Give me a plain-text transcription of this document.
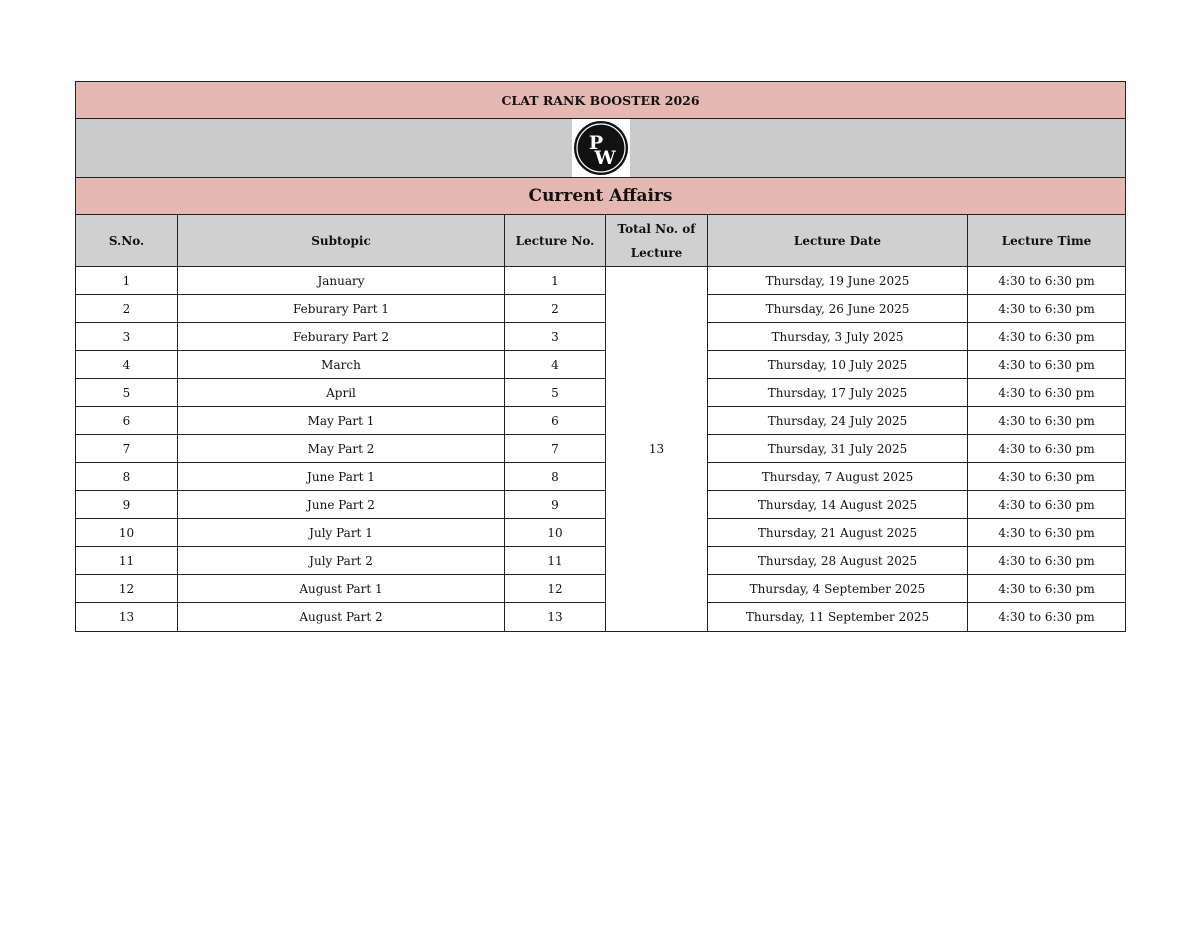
CLAT RANK BOOSTER 2026					

P
W					

Current Affairs					
S.No.	Subtopic	Lecture No.	Total No. of Lecture	Lecture Date	Lecture Time
1	January	1	13	Thursday, 19 June 2025	4:30 to 6:30 pm
2	Feburary Part 1	2		Thursday, 26 June 2025	4:30 to 6:30 pm
3	Feburary Part 2	3		Thursday, 3 July 2025	4:30 to 6:30 pm
4	March	4		Thursday, 10 July 2025	4:30 to 6:30 pm
5	April	5		Thursday, 17 July 2025	4:30 to 6:30 pm
6	May Part 1	6		Thursday, 24 July 2025	4:30 to 6:30 pm
7	May Part 2	7		Thursday, 31 July 2025	4:30 to 6:30 pm
8	June Part 1	8		Thursday, 7 August 2025	4:30 to 6:30 pm
9	June Part 2	9		Thursday, 14 August 2025	4:30 to 6:30 pm
10	July Part 1	10		Thursday, 21 August 2025	4:30 to 6:30 pm
11	July Part 2	11		Thursday, 28 August 2025	4:30 to 6:30 pm
12	August Part 1	12		Thursday, 4 September 2025	4:30 to 6:30 pm
13	August Part 2	13		Thursday, 11 September 2025	4:30 to 6:30 pm
